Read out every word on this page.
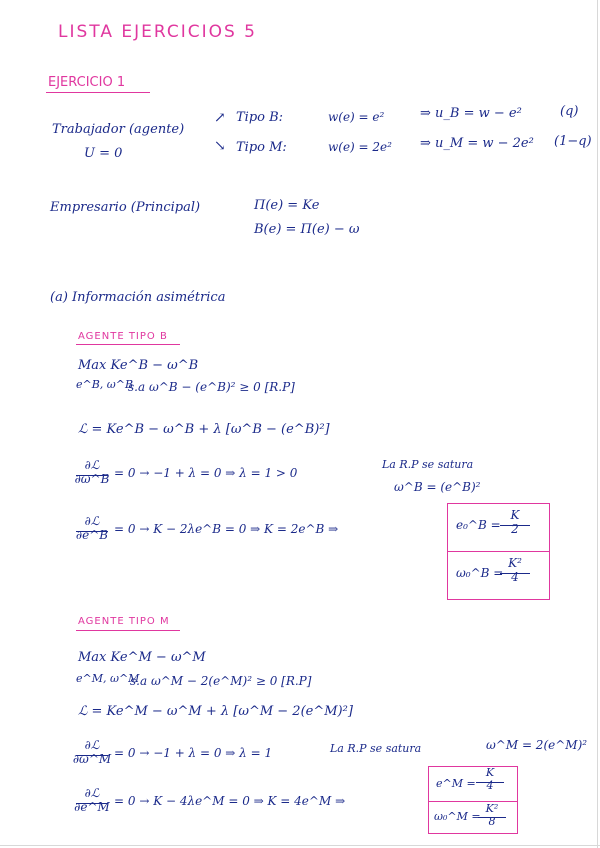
LISTA EJERCICIOS 5
EJERCICIO 1
Trabajador (agente)
U = 0
↗
↘
Tipo B:	w(e) = e²	⇒ u_B = w − e²	(q)
Tipo M:	w(e) = 2e² ⇒ u_M = w − 2e² (1−q)
Empresario (Principal)	Π(e) = Ke
B(e) = Π(e) − ω
(a) Información asimétrica
AGENTE TIPO B
Max Ke^B − ω^B
e^B, ω^B
s.a ω^B − (e^B)² ≥ 0 [R.P]
ℒ = Ke^B − ω^B + λ [ω^B − (e^B)²]
∂ℒ
∂ω^B = 0 → −1 + λ = 0 ⇒ λ = 1 > 0
La R.P se satura
ω^B = (e^B)²
∂ℒ
∂e^B = 0 → K − 2λe^B = 0 ⇒ K = 2e^B ⇒	e₀^B =
K
2
ω₀^B =
K²
4
AGENTE TIPO M
Max Ke^M − ω^M
e^M, ω^M
s.a ω^M − 2(e^M)² ≥ 0 [R.P]
ℒ = Ke^M − ω^M + λ [ω^M − 2(e^M)²]
∂ℒ
∂ω^M = 0 → −1 + λ = 0 ⇒ λ = 1	La R.P se satura	ω^M = 2(e^M)²
∂ℒ
∂e^M = 0 → K − 4λe^M = 0 ⇒ K = 4e^M ⇒
e^M =
K
4
ω₀^M =
K²
8
